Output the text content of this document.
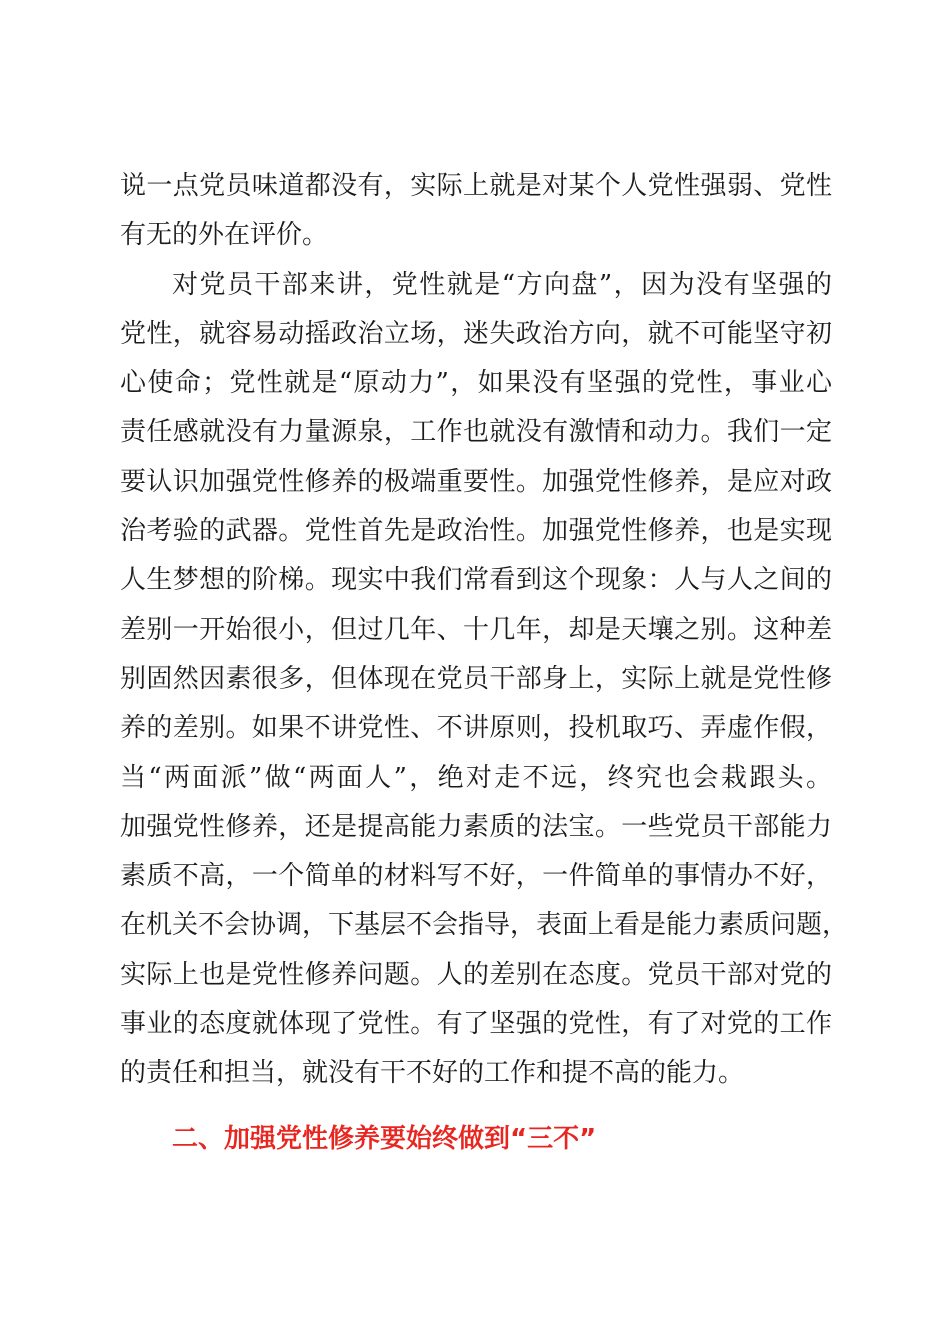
说一点党员味道都没有，实际上就是对某个人党性强弱、党性
有无的外在评价。
对党员干部来讲，党性就是“方向盘”，因为没有坚强的
党性，就容易动摇政治立场，迷失政治方向，就不可能坚守初
心使命；党性就是“原动力”，如果没有坚强的党性，事业心
责任感就没有力量源泉，工作也就没有激情和动力。我们一定
要认识加强党性修养的极端重要性。加强党性修养，是应对政
治考验的武器。党性首先是政治性。加强党性修养，也是实现
人生梦想的阶梯。现实中我们常看到这个现象：人与人之间的
差别一开始很小，但过几年、十几年，却是天壤之别。这种差
别固然因素很多，但体现在党员干部身上，实际上就是党性修
养的差别。如果不讲党性、不讲原则，投机取巧、弄虚作假，
当“两面派”做“两面人”，绝对走不远，终究也会栽跟头。
加强党性修养，还是提高能力素质的法宝。一些党员干部能力
素质不高，一个简单的材料写不好，一件简单的事情办不好，
在机关不会协调，下基层不会指导，表面上看是能力素质问题，
实际上也是党性修养问题。人的差别在态度。党员干部对党的
事业的态度就体现了党性。有了坚强的党性，有了对党的工作
的责任和担当，就没有干不好的工作和提不高的能力。
二、加强党性修养要始终做到“三不”
